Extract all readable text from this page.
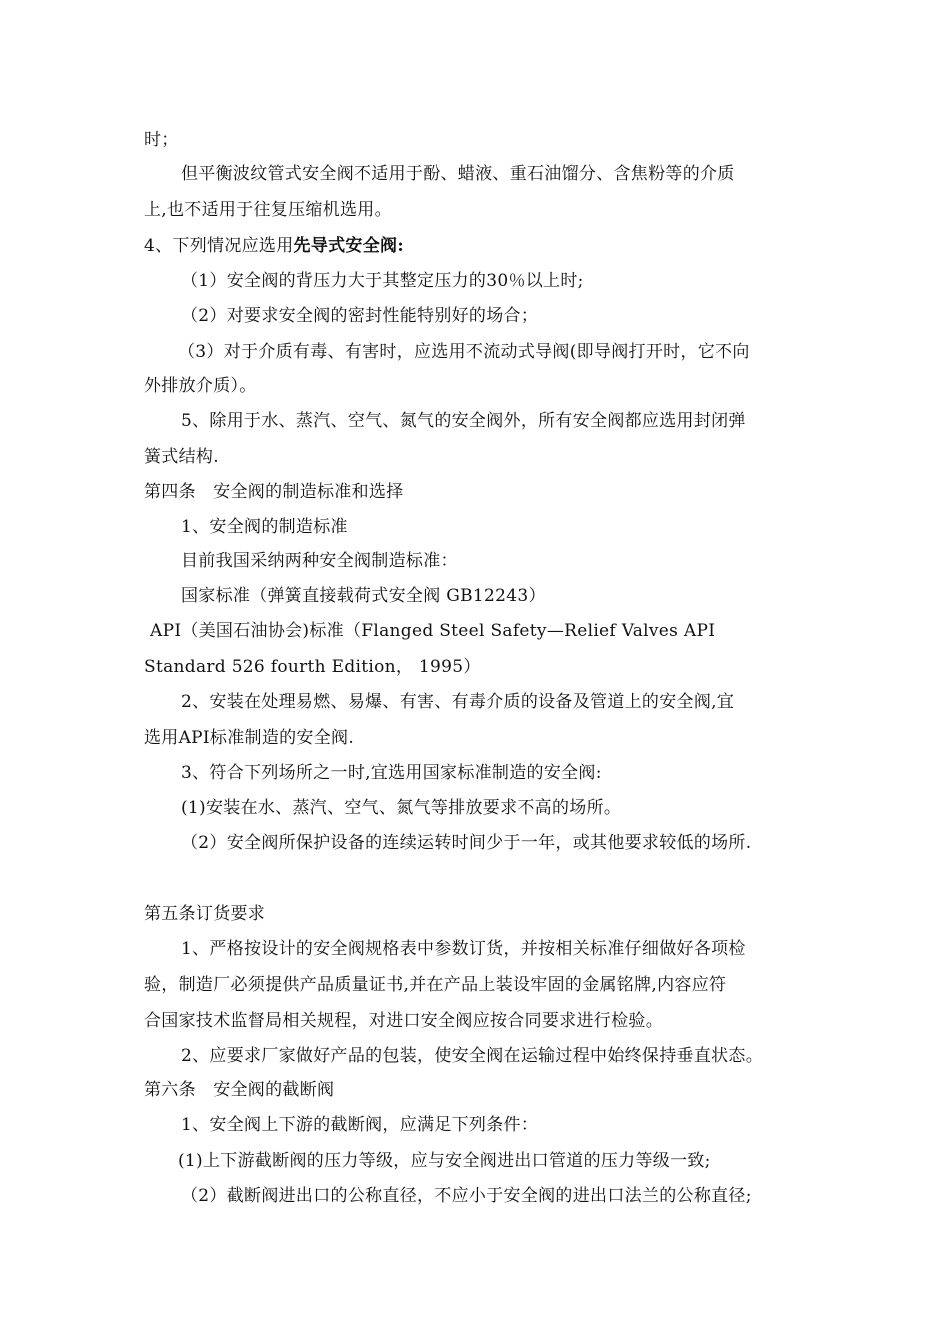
时；
但平衡波纹管式安全阀不适用于酚、蜡液、重石油馏分、含焦粉等的介质
上,也不适用于往复压缩机选用。
4、下列情况应选用先导式安全阀:
（1）安全阀的背压力大于其整定压力的30％以上时;
（2）对要求安全阀的密封性能特别好的场合；
（3）对于介质有毒、有害时，应选用不流动式导阀(即导阀打开时，它不向
外排放介质）。
5、除用于水、蒸汽、空气、氮气的安全阀外，所有安全阀都应选用封闭弹
簧式结构.
第四条　安全阀的制造标准和选择
1、安全阀的制造标准
目前我国采纳两种安全阀制造标准：
国家标准（弹簧直接载荷式安全阀 GB12243）
API（美国石油协会)标准（Flanged Steel Safety—Relief Valves API
Standard 526 fourth Edition， 1995）
2、安装在处理易燃、易爆、有害、有毒介质的设备及管道上的安全阀,宜
选用API标准制造的安全阀.
3、符合下列场所之一时,宜选用国家标准制造的安全阀:
(1)安装在水、蒸汽、空气、氮气等排放要求不高的场所。
（2）安全阀所保护设备的连续运转时间少于一年，或其他要求较低的场所.
第五条订货要求
1、严格按设计的安全阀规格表中参数订货，并按相关标准仔细做好各项检
验，制造厂必须提供产品质量证书,并在产品上装设牢固的金属铭牌,内容应符
合国家技术监督局相关规程，对进口安全阀应按合同要求进行检验。
2、应要求厂家做好产品的包装，使安全阀在运输过程中始终保持垂直状态。
第六条　安全阀的截断阀
1、安全阀上下游的截断阀，应满足下列条件：
(1)上下游截断阀的压力等级，应与安全阀进出口管道的压力等级一致;
（2）截断阀进出口的公称直径，不应小于安全阀的进出口法兰的公称直径;
